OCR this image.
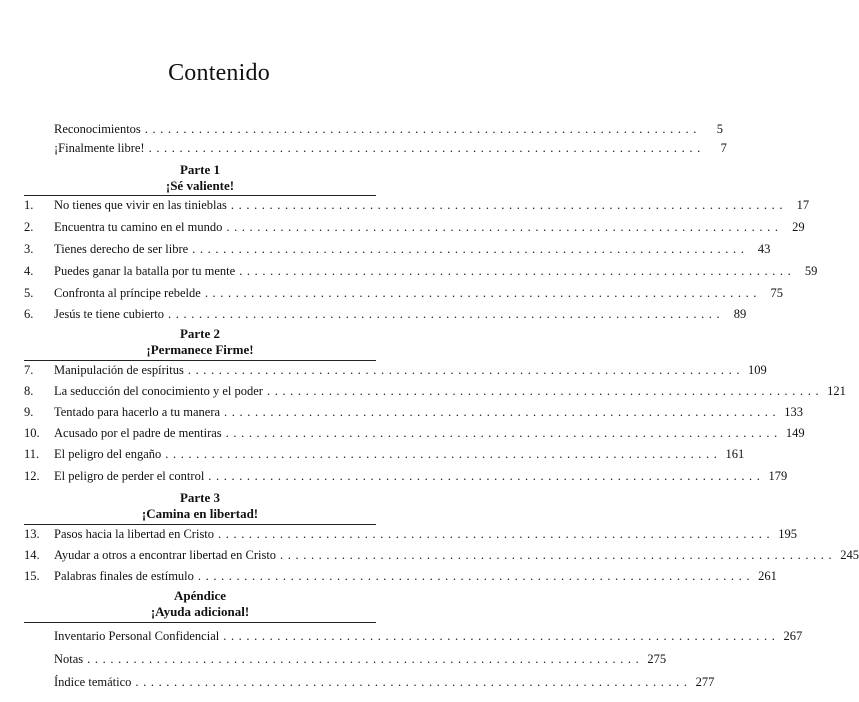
Contenido
Reconocimientos ........................................................................	5
¡Finalmente libre! ........................................................................	7
Parte 1
¡Sé valiente!
1.	No tienes que vivir en las tinieblas ........................................................................ 17
2.	Encuentra tu camino en el mundo ........................................................................ 29
3.	Tienes derecho de ser libre ........................................................................ 43
4.	Puedes ganar la batalla por tu mente ........................................................................ 59
5.	Confronta al príncipe rebelde ........................................................................ 75
6.	Jesús te tiene cubierto ........................................................................ 89
Parte 2
¡Permanece Firme!
7.	Manipulación de espíritus ........................................................................ 109
8.	La seducción del conocimiento y el poder ........................................................................ 121
9.	Tentado para hacerlo a tu manera ........................................................................ 133
10.	Acusado por el padre de mentiras ........................................................................ 149
11.	El peligro del engaño ........................................................................ 161
12.	El peligro de perder el control ........................................................................ 179
Parte 3
¡Camina en libertad!
13.	Pasos hacia la libertad en Cristo ........................................................................ 195
14.	Ayudar a otros a encontrar libertad en Cristo ........................................................................ 245
15.	Palabras finales de estímulo ........................................................................ 261
Apéndice
¡Ayuda adicional!
Inventario Personal Confidencial ........................................................................ 267
Notas ........................................................................ 275
Índice temático ........................................................................ 277
